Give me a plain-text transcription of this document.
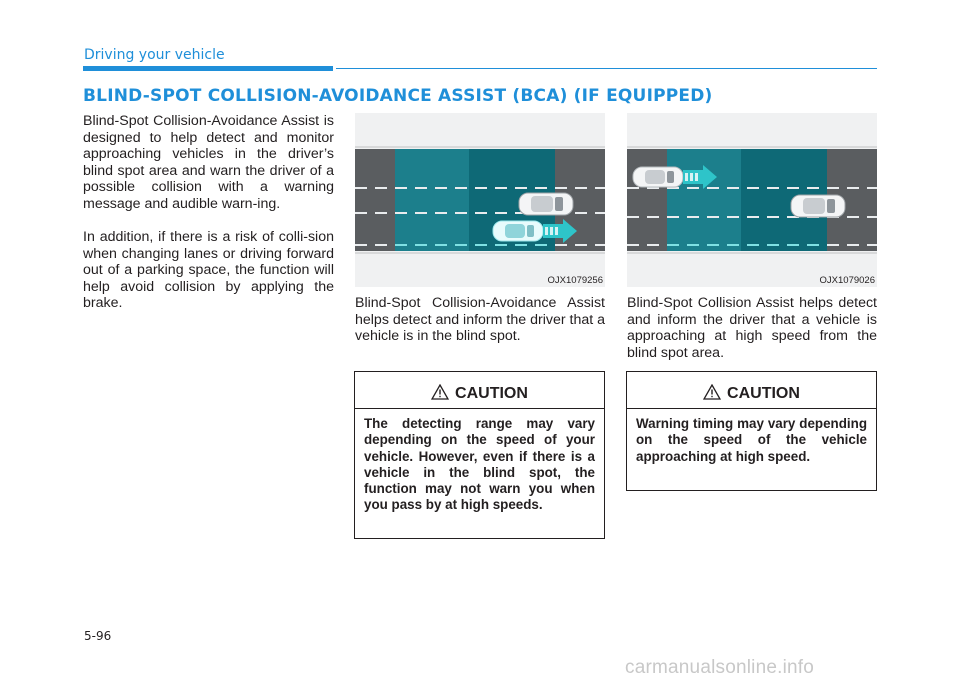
Driving your vehicle
BLIND-SPOT COLLISION-AVOIDANCE ASSIST (BCA) (IF EQUIPPED)

Blind-Spot Collision-Avoidance Assist is designed to help detect and monitor approaching vehicles in the driver’s blind spot area and warn the driver of a possible collision with a warning message and audible warn-ing.

In addition, if there is a risk of colli-sion when changing lanes or driving forward out of a parking space, the function will help avoid collision by applying the brake.

OJX1079256	OJX1079026

Blind-Spot Collision-Avoidance Assist helps detect and inform the driver that a vehicle is in the blind spot.

Blind-Spot Collision Assist helps detect and inform the driver that a vehicle is approaching at high speed from the blind spot area.

CAUTION

The detecting range may vary depending on the speed of your vehicle. However, even if there is a vehicle in the blind spot, the function may not warn you when you pass by at high speeds.

CAUTION

Warning timing may vary depending on the speed of the vehicle approaching at high speed.

5-96
carmanualsonline.info
